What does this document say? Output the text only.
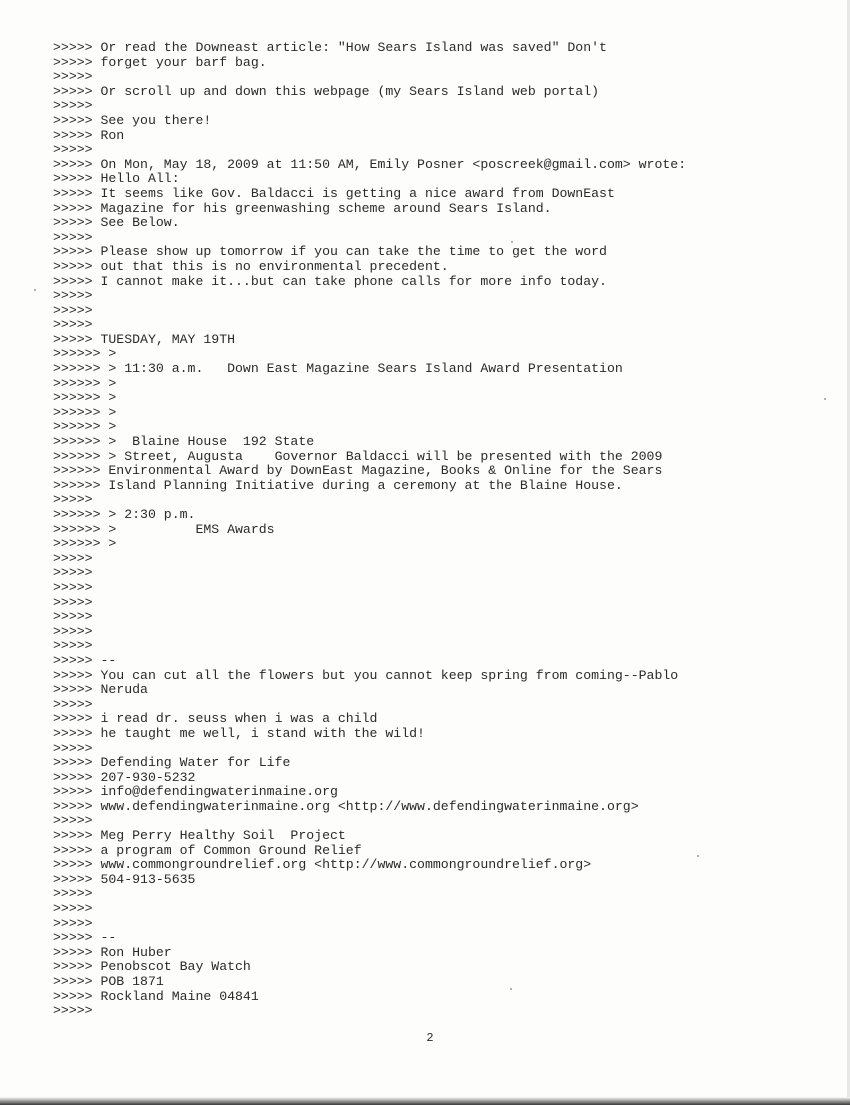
>>>>> Or read the Downeast article: "How Sears Island was saved" Don't
>>>>> forget your barf bag.
>>>>>
>>>>> Or scroll up and down this webpage (my Sears Island web portal)
>>>>>
>>>>> See you there!
>>>>> Ron
>>>>>
>>>>> On Mon, May 18, 2009 at 11:50 AM, Emily Posner <poscreek@gmail.com> wrote:
>>>>> Hello All:
>>>>> It seems like Gov. Baldacci is getting a nice award from DownEast
>>>>> Magazine for his greenwashing scheme around Sears Island.
>>>>> See Below.
>>>>>
>>>>> Please show up tomorrow if you can take the time to get the word
>>>>> out that this is no environmental precedent.
>>>>> I cannot make it...but can take phone calls for more info today.
>>>>>
>>>>>
>>>>>
>>>>> TUESDAY, MAY 19TH
>>>>>> >
>>>>>> > 11:30 a.m.   Down East Magazine Sears Island Award Presentation
>>>>>> >
>>>>>> >
>>>>>> >
>>>>>> >
>>>>>> >  Blaine House  192 State
>>>>>> > Street, Augusta    Governor Baldacci will be presented with the 2009
>>>>>> Environmental Award by DownEast Magazine, Books & Online for the Sears
>>>>>> Island Planning Initiative during a ceremony at the Blaine House.
>>>>>
>>>>>> > 2:30 p.m.
>>>>>> >          EMS Awards
>>>>>> >
>>>>>
>>>>>
>>>>>
>>>>>
>>>>>
>>>>>
>>>>>
>>>>> --
>>>>> You can cut all the flowers but you cannot keep spring from coming--Pablo
>>>>> Neruda
>>>>>
>>>>> i read dr. seuss when i was a child
>>>>> he taught me well, i stand with the wild!
>>>>>
>>>>> Defending Water for Life
>>>>> 207-930-5232
>>>>> info@defendingwaterinmaine.org
>>>>> www.defendingwaterinmaine.org <http://www.defendingwaterinmaine.org>
>>>>>
>>>>> Meg Perry Healthy Soil  Project
>>>>> a program of Common Ground Relief
>>>>> www.commongroundrelief.org <http://www.commongroundrelief.org>
>>>>> 504-913-5635
>>>>>
>>>>>
>>>>>
>>>>> --
>>>>> Ron Huber
>>>>> Penobscot Bay Watch
>>>>> POB 1871
>>>>> Rockland Maine 04841
>>>>>
2
